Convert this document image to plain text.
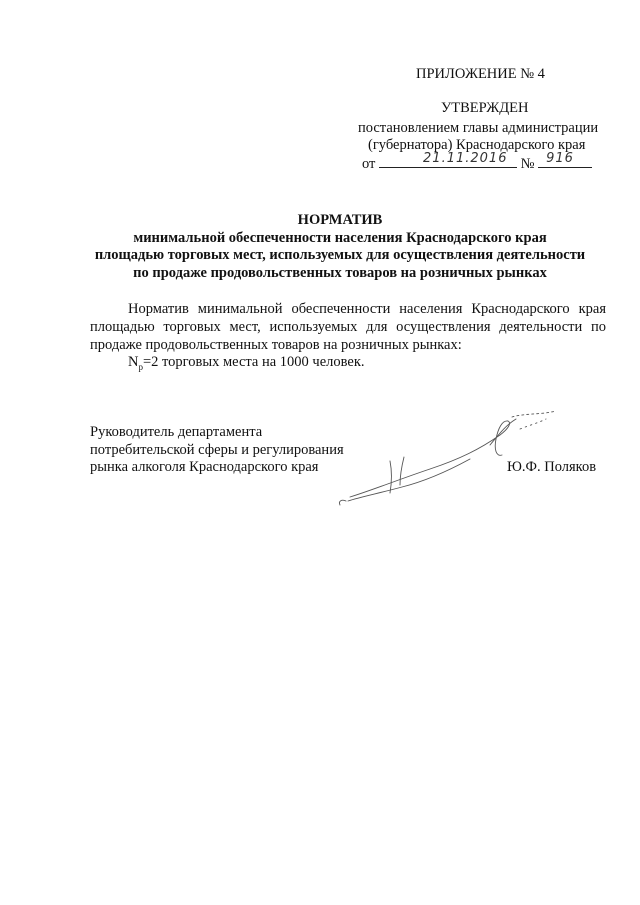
ПРИЛОЖЕНИЕ № 4
УТВЕРЖДЕН
постановлением главы администрации
(губернатора) Краснодарского края
от	21.11.2016 № 916
НОРМАТИВ
минимальной обеспеченности населения Краснодарского края
площадью торговых мест, используемых для осуществления деятельности
по продаже продовольственных товаров на розничных рынках
Норматив минимальной обеспеченности населения Краснодарского края площадью торговых мест, используемых для осуществления деятельности по продаже продовольственных товаров на розничных рынках:
$N_р=2$ торговых места на 1000 человек.
Руководитель департамента
потребительской сферы и регулирования
рынка алкоголя Краснодарского края	Ю.Ф. Поляков
